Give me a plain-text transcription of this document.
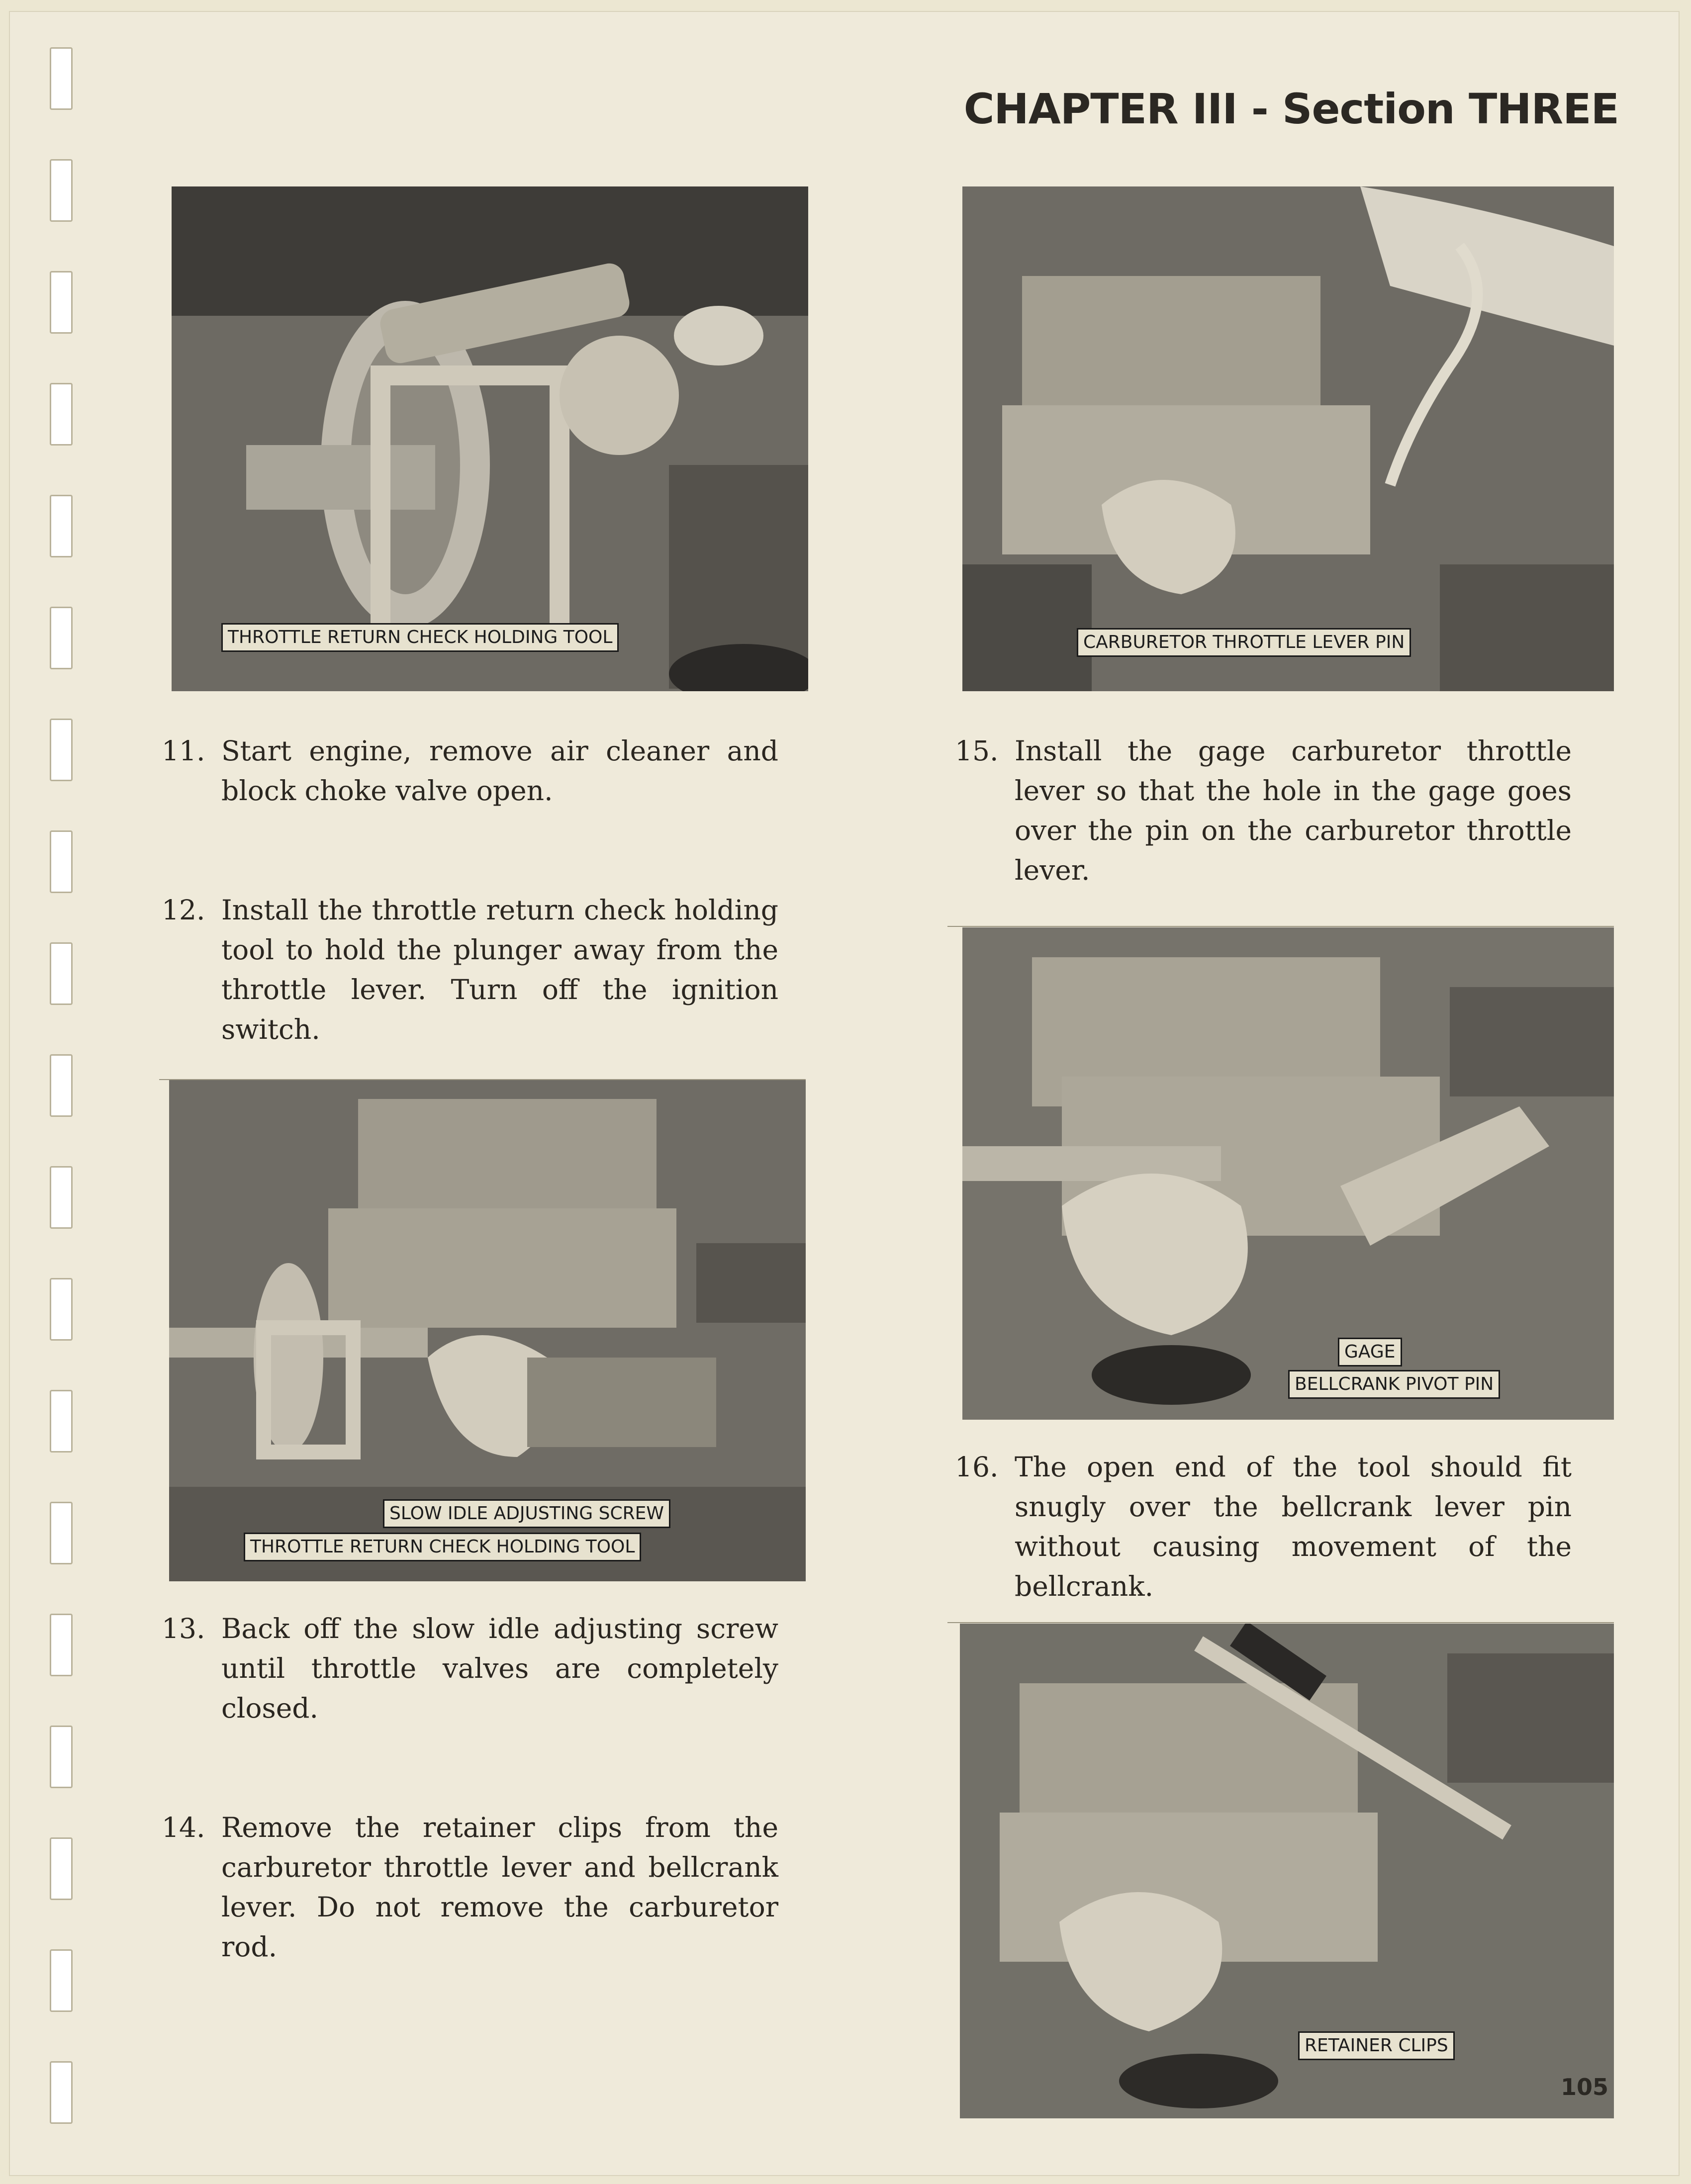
CHAPTER III - Section THREE
THROTTLE RETURN CHECK HOLDING TOOL
SLOW IDLE ADJUSTING SCREW
THROTTLE RETURN CHECK HOLDING TOOL
CARBURETOR THROTTLE LEVER PIN
GAGE
BELLCRANK PIVOT PIN
RETAINER CLIPS
11. Start engine, remove air cleaner and block choke valve open.
12. Install the throttle return check holding tool to hold the plunger away from the throttle lever. Turn off the ignition switch.
13. Back off the slow idle adjusting screw until throttle valves are completely closed.
14. Remove the retainer clips from the carburetor throttle lever and bellcrank lever. Do not remove the carburetor rod.
15. Install the gage carburetor throttle lever so that the hole in the gage goes over the pin on the carburetor throttle lever.
16. The open end of the tool should fit snugly over the bellcrank lever pin without causing movement of the bellcrank.
105
